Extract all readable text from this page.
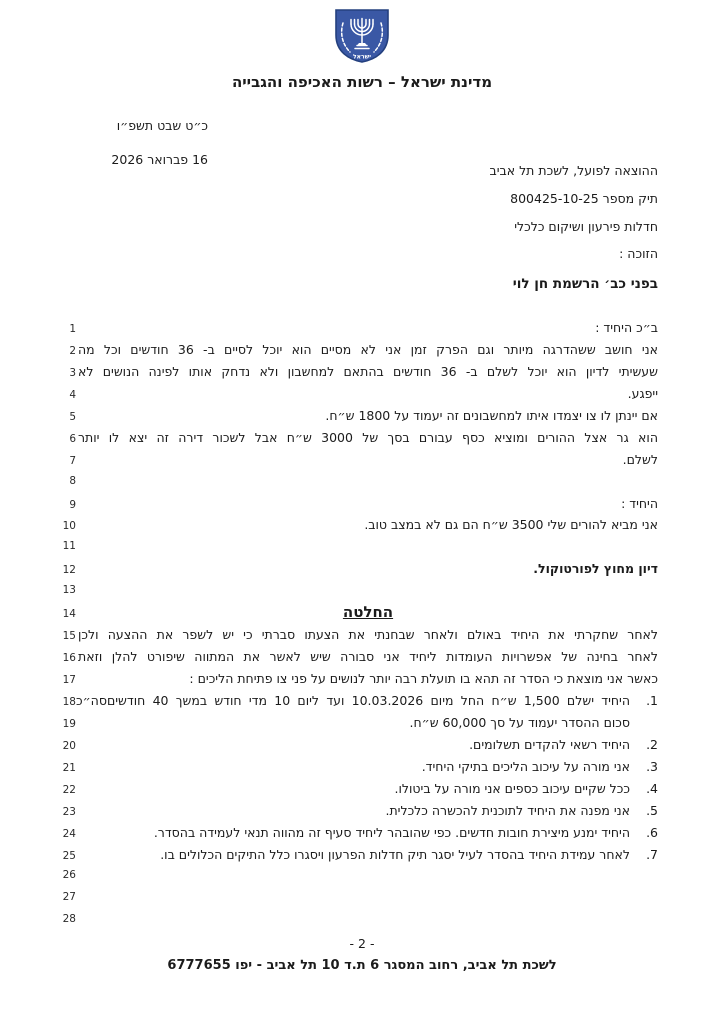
ישראל
מדינת ישראל – רשות האכיפה והגבייה
כ״ט שבט תשפ״ו
16 פברואר 2026
ההוצאה לפועל, לשכת תל אביב
תיק מספר 800425-10-25
חדלות פירעון ושיקום כלכלי
הזוכה :
בפני כב׳ הרשמת חן לוי
1	ב״כ היחיד :
2 אני חושב ששהדרגה מיותר וגם הפרק זמן אני לא מסיים הוא יוכל לסיים ב- 36 חודשים וכל מה
3 שעשיתי לדיון הוא יוכל לשלם ב- 36 חודשים בהתאם למחשבון ולא נדחק אותו לפינה הנושים לא
4	ייפגע.
5	אם יינתן לו צו יצמדו איתו למחשבונים זה יעמוד על 1800 ש״ח.
6 הוא גר אצל ההורים ומוציא כסף עבורם בסך של 3000 ש״ח אבל לשכור דירה זה יצא לו יותר
7	לשלם.
8
9	היחיד :
10	אני מביא להורים שלי 3500 ש״ח הם גם לא במצב טוב.
11
12	דיון מחוץ לפורטוקול.
13
14	החלטה
15 לאחר שחקרתי את היחיד באולם ולאחר שבחנתי את הצעתו סברתי כי יש לשפר את ההצעה ולכן
16 לאחר בחינה של אפשרויות העומדות ליחיד אני סבורה שיש לאשר את המתווה שיפורט להלן וזאת
17	כאשר אני מוצאת כי הסדר זה תהא בו תועלת רבה יותר לנושים על פני צו פתיחת הליכים :
18	1.
היחיד ישלם 1,500 ש״ח החל מיום 10.03.2026 ועד ליום 10 מדי חודש במשך 40 חודשיםסה״כ
19	סכום ההסדר יעמוד על סך 60,000 ש״ח.
20	2.
היחיד רשאי להקדים תשלומים.
21	3.
אני מורה על עיכוב הליכים בתיקי היחיד.
22	4.
ככל שקיים עיכוב כספים אני מורה על ביטולו.
23	5.
אני מפנה את היחיד לתוכנית להכשרה כלכלית.
24	6.
היחיד ימנע מיצירת חובות חדשים. כפי שהובהר ליחיד סעיף זה מהווה תנאי לעמידה בהסדר.
25	7.
לאחר עמידת היחיד בהסדר לעיל יסגר תיק חדלות הפרעון ויסגרו כלל התיקים הכלולים בו.
26
27
28
- 2 -
לשכת תל אביב, רחוב המסגר 6 ת.ד 10 תל אביב - יפו 6777655
